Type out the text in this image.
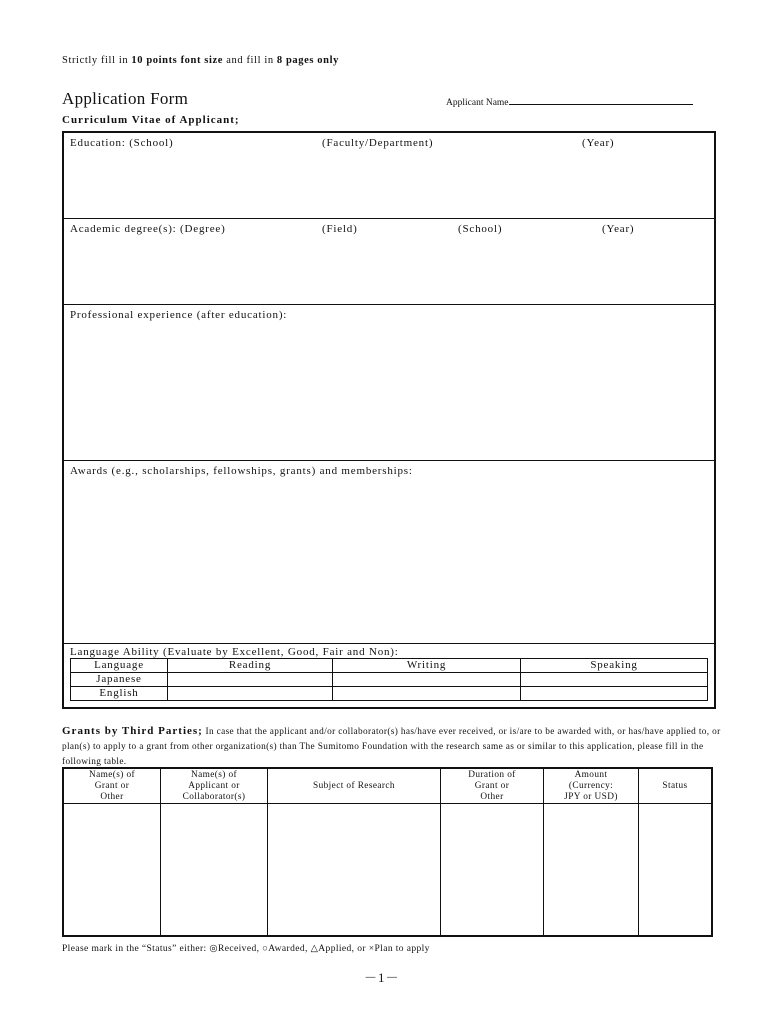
Strictly fill in 10 points font size and fill in 8 pages only
Application Form	Applicant Name
Curriculum Vitae of Applicant;
Education: (School)	(Faculty/Department)	(Year)
Academic degree(s): (Degree)	(Field)	(School)	(Year)
Professional experience (after education):
Awards (e.g., scholarships, fellowships, grants) and memberships:
Language Ability (Evaluate by Excellent, Good, Fair and Non):
Language	Reading	Writing	Speaking
Japanese			
English			
Grants by Third Parties; In case that the applicant and/or collaborator(s) has/have ever received, or is/are to be awarded with, or has/have applied to, or plan(s) to apply to a grant from other organization(s) than The Sumitomo Foundation with the research same as or similar to this application, please fill in the following table.
Name(s) of
Grant or
Other	Name(s) of
Applicant or
Collaborator(s)	Subject of Research	Duration of
Grant or
Other	Amount
(Currency:
JPY or USD)	Status

Please mark in the “Status” either: ◎Received, ○Awarded, △Applied, or ×Plan to apply
－1－
